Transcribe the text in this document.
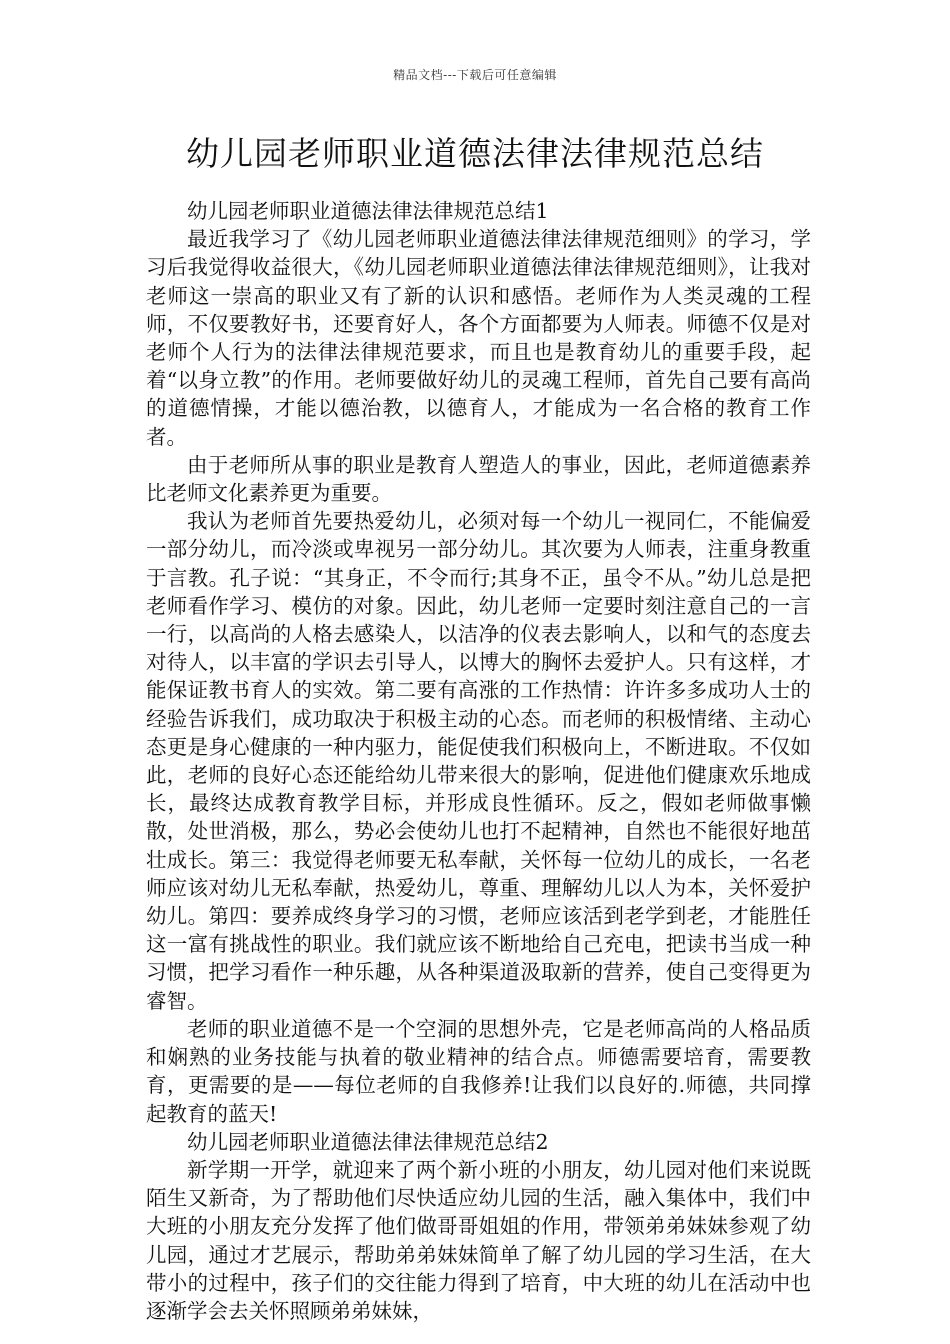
精品文档---下载后可任意编辑
幼儿园老师职业道德法律法律规范总结

幼儿园老师职业道德法律法律规范总结1

最近我学习了《幼儿园老师职业道德法律法律规范细则》的学习，学习后我觉得收益很大，《幼儿园老师职业道德法律法律规范细则》，让我对老师这一崇高的职业又有了新的认识和感悟。老师作为人类灵魂的工程师，不仅要教好书，还要育好人，各个方面都要为人师表。师德不仅是对老师个人行为的法律法律规范要求，而且也是教育幼儿的重要手段，起着“以身立教”的作用。老师要做好幼儿的灵魂工程师，首先自己要有高尚的道德情操，才能以德治教，以德育人，才能成为一名合格的教育工作者。

由于老师所从事的职业是教育人塑造人的事业，因此，老师道德素养比老师文化素养更为重要。

我认为老师首先要热爱幼儿，必须对每一个幼儿一视同仁，不能偏爱一部分幼儿，而冷淡或卑视另一部分幼儿。其次要为人师表，注重身教重于言教。孔子说：“其身正，不令而行;其身不正，虽令不从。”幼儿总是把老师看作学习、模仿的对象。因此，幼儿老师一定要时刻注意自己的一言一行，以高尚的人格去感染人，以洁净的仪表去影响人，以和气的态度去对待人，以丰富的学识去引导人，以博大的胸怀去爱护人。只有这样，才能保证教书育人的实效。第二要有高涨的工作热情：许许多多成功人士的经验告诉我们，成功取决于积极主动的心态。而老师的积极情绪、主动心态更是身心健康的一种内驱力，能促使我们积极向上，不断进取。不仅如此，老师的良好心态还能给幼儿带来很大的影响，促进他们健康欢乐地成长，最终达成教育教学目标，并形成良性循环。反之，假如老师做事懒散，处世消极，那么，势必会使幼儿也打不起精神，自然也不能很好地茁壮成长。第三：我觉得老师要无私奉献，关怀每一位幼儿的成长，一名老师应该对幼儿无私奉献，热爱幼儿，尊重、理解幼儿以人为本，关怀爱护幼儿。第四：要养成终身学习的习惯，老师应该活到老学到老，才能胜任这一富有挑战性的职业。我们就应该不断地给自己充电，把读书当成一种习惯，把学习看作一种乐趣，从各种渠道汲取新的营养，使自己变得更为睿智。

老师的职业道德不是一个空洞的思想外壳，它是老师高尚的人格品质和娴熟的业务技能与执着的敬业精神的结合点。师德需要培育，需要教育，更需要的是——每位老师的自我修养!让我们以良好的.师德，共同撑起教育的蓝天!

幼儿园老师职业道德法律法律规范总结2

新学期一开学，就迎来了两个新小班的小朋友，幼儿园对他们来说既陌生又新奇，为了帮助他们尽快适应幼儿园的生活，融入集体中，我们中大班的小朋友充分发挥了他们做哥哥姐姐的作用，带领弟弟妹妹参观了幼儿园，通过才艺展示，帮助弟弟妹妹简单了解了幼儿园的学习生活，在大带小的过程中，孩子们的交往能力得到了培育，中大班的幼儿在活动中也逐渐学会去关怀照顾弟弟妹妹，
